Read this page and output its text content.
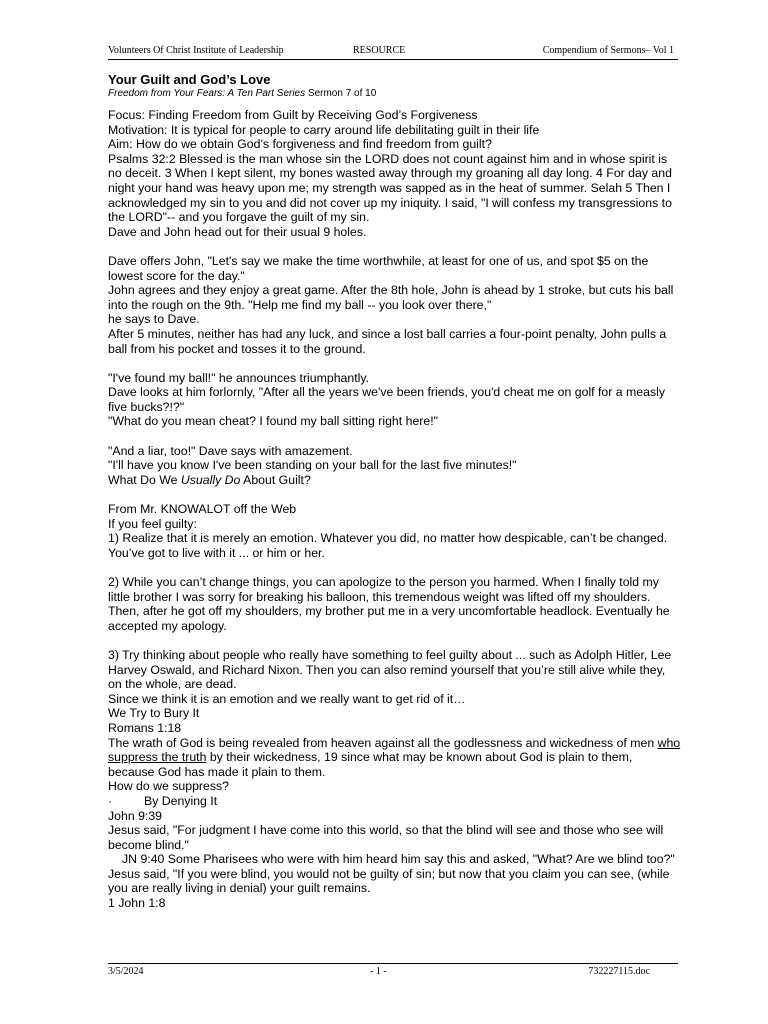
Volunteers Of Christ Institute of Leadership	RESOURCE	Compendium of Sermons– Vol 1
Your Guilt and God’s Love
Freedom from Your Fears: A Ten Part Series Sermon 7 of 10

Focus: Finding Freedom from Guilt by Receiving God’s Forgiveness

Motivation: It is typical for people to carry around life debilitating guilt in their life

Aim: How do we obtain God’s forgiveness and find freedom from guilt?

Psalms 32:2 Blessed is the man whose sin the LORD does not count against him and in whose spirit is no deceit. 3 When I kept silent, my bones wasted away through my groaning all day long. 4 For day and night your hand was heavy upon me; my strength was sapped as in the heat of summer. Selah 5 Then I acknowledged my sin to you and did not cover up my iniquity. I said, "I will confess my transgressions to the LORD"-- and you forgave the guilt of my sin.

Dave and John head out for their usual 9 holes.

Dave offers John, "Let's say we make the time worthwhile, at least for one of us, and spot $5 on the lowest score for the day."

John agrees and they enjoy a great game. After the 8th hole, John is ahead by 1 stroke, but cuts his ball into the rough on the 9th. "Help me find my ball -- you look over there,"

he says to Dave.

After 5 minutes, neither has had any luck, and since a lost ball carries a four-point penalty, John pulls a ball from his pocket and tosses it to the ground.

"I've found my ball!" he announces triumphantly.

Dave looks at him forlornly, "After all the years we've been friends, you'd cheat me on golf for a measly five bucks?!?"

"What do you mean cheat? I found my ball sitting right here!"

"And a liar, too!" Dave says with amazement.

"I'll have you know I've been standing on your ball for the last five minutes!"

What Do We Usually Do About Guilt?

From Mr. KNOWALOT off the Web

If you feel guilty:

1) Realize that it is merely an emotion. Whatever you did, no matter how despicable, can’t be changed. You’ve got to live with it ... or him or her.

2) While you can’t change things, you can apologize to the person you harmed. When I finally told my little brother I was sorry for breaking his balloon, this tremendous weight was lifted off my shoulders. Then, after he got off my shoulders, my brother put me in a very uncomfortable headlock. Eventually he accepted my apology.

3) Try thinking about people who really have something to feel guilty about ... such as Adolph Hitler, Lee Harvey Oswald, and Richard Nixon. Then you can also remind yourself that you’re still alive while they, on the whole, are dead.

Since we think it is an emotion and we really want to get rid of it…

We Try to Bury It

Romans 1:18

The wrath of God is being revealed from heaven against all the godlessness and wickedness of men who suppress the truth by their wickedness, 19 since what may be known about God is plain to them, because God has made it plain to them.

How do we suppress?

·	By Denying It

John 9:39

Jesus said, "For judgment I have come into this world, so that the blind will see and those who see will become blind."

JN 9:40 Some Pharisees who were with him heard him say this and asked, "What? Are we blind too?"

Jesus said, "If you were blind, you would not be guilty of sin; but now that you claim you can see, (while you are really living in denial) your guilt remains.

1 John 1:8

3/5/2024	- 1 -	732227115.doc
